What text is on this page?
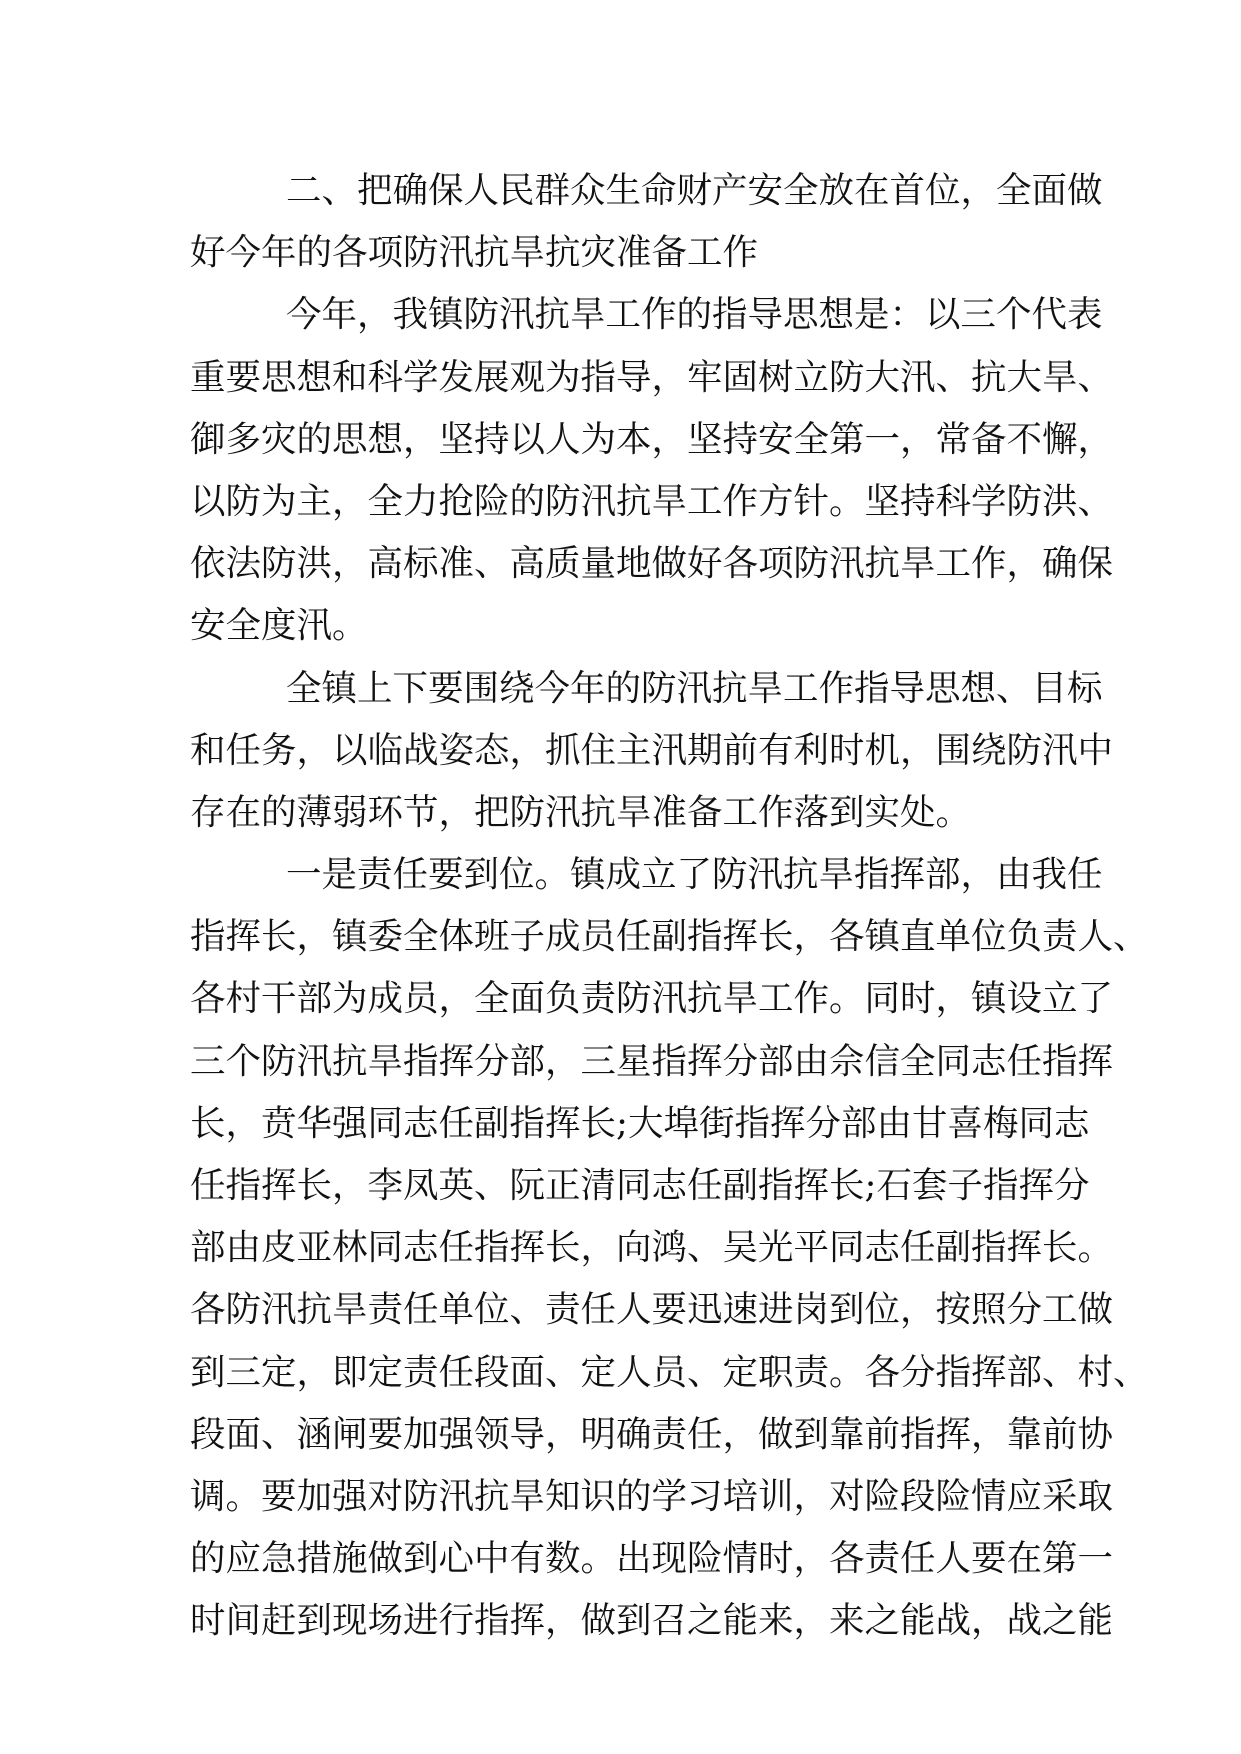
二、把确保人民群众生命财产安全放在首位，全面做
好今年的各项防汛抗旱抗灾准备工作
今年，我镇防汛抗旱工作的指导思想是：以三个代表
重要思想和科学发展观为指导，牢固树立防大汛、抗大旱、
御多灾的思想，坚持以人为本，坚持安全第一，常备不懈，
以防为主，全力抢险的防汛抗旱工作方针。坚持科学防洪、
依法防洪，高标准、高质量地做好各项防汛抗旱工作，确保
安全度汛。
全镇上下要围绕今年的防汛抗旱工作指导思想、目标
和任务，以临战姿态，抓住主汛期前有利时机，围绕防汛中
存在的薄弱环节，把防汛抗旱准备工作落到实处。
一是责任要到位。镇成立了防汛抗旱指挥部，由我任
指挥长，镇委全体班子成员任副指挥长，各镇直单位负责人、
各村干部为成员，全面负责防汛抗旱工作。同时，镇设立了
三个防汛抗旱指挥分部，三星指挥分部由佘信全同志任指挥
长，贲华强同志任副指挥长;大埠街指挥分部由甘喜梅同志
任指挥长，李凤英、阮正清同志任副指挥长;石套子指挥分
部由皮亚林同志任指挥长，向鸿、吴光平同志任副指挥长。
各防汛抗旱责任单位、责任人要迅速进岗到位，按照分工做
到三定，即定责任段面、定人员、定职责。各分指挥部、村、
段面、涵闸要加强领导，明确责任，做到靠前指挥，靠前协
调。要加强对防汛抗旱知识的学习培训，对险段险情应采取
的应急措施做到心中有数。出现险情时，各责任人要在第一
时间赶到现场进行指挥，做到召之能来，来之能战，战之能
